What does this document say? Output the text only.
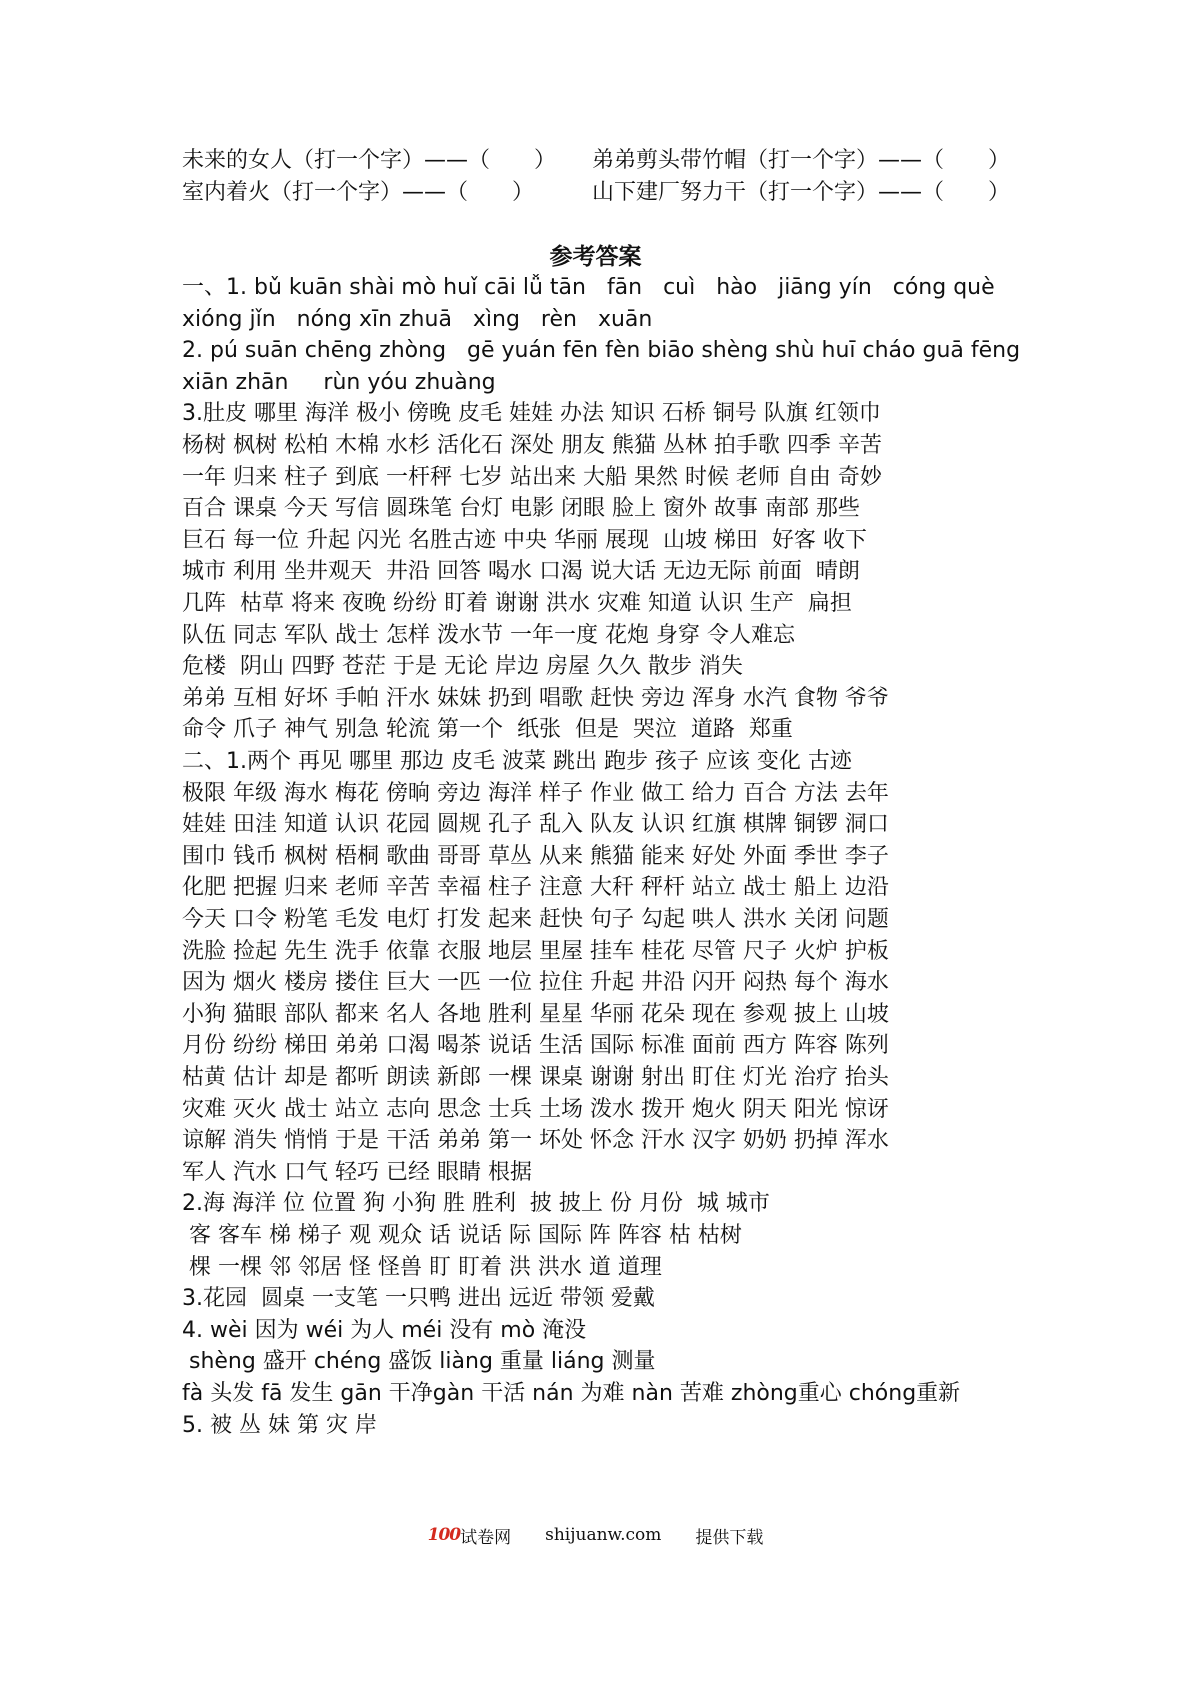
未来的女人（打一个字）——（　　） 弟弟剪头带竹帽（打一个字）——（　　）
室内着火（打一个字）——（　　）	山下建厂努力干（打一个字）——（　　）
参考答案
一、1. bǔ kuān shài mò huǐ cāi lǚ tān   fān   cuì   hào   jiāng yín   cóng què
xióng jǐn   nóng xīn zhuā   xìng   rèn   xuān
2. pú suān chēng zhòng   gē yuán fēn fèn biāo shèng shù huī cháo guā fēng
xiān zhān     rùn yóu zhuàng
3.肚皮 哪里 海洋 极小 傍晚 皮毛 娃娃 办法 知识 石桥 铜号 队旗 红领巾
杨树 枫树 松柏 木棉 水杉 活化石 深处 朋友 熊猫 丛林 拍手歌 四季 辛苦
一年 归来 柱子 到底 一杆秤 七岁 站出来 大船 果然 时候 老师 自由 奇妙
百合 课桌 今天 写信 圆珠笔 台灯 电影 闭眼 脸上 窗外 故事 南部 那些
巨石 每一位 升起 闪光 名胜古迹 中央 华丽 展现  山坡 梯田  好客 收下
城市 利用 坐井观天  井沿 回答 喝水 口渴 说大话 无边无际 前面  晴朗
几阵  枯草 将来 夜晚 纷纷 盯着 谢谢 洪水 灾难 知道 认识 生产  扁担
队伍 同志 军队 战士 怎样 泼水节 一年一度 花炮 身穿 令人难忘
危楼  阴山 四野 苍茫 于是 无论 岸边 房屋 久久 散步 消失
弟弟 互相 好坏 手帕 汗水 妹妹 扔到 唱歌 赶快 旁边 浑身 水汽 食物 爷爷
命令 爪子 神气 别急 轮流 第一个  纸张  但是  哭泣  道路  郑重
二、1.两个 再见 哪里 那边 皮毛 波菜 跳出 跑步 孩子 应该 变化 古迹
极限 年级 海水 梅花 傍晌 旁边 海洋 样子 作业 做工 给力 百合 方法 去年
娃娃 田洼 知道 认识 花园 圆规 孔子 乱入 队友 认识 红旗 棋牌 铜锣 洞口
围巾 钱币 枫树 梧桐 歌曲 哥哥 草丛 从来 熊猫 能来 好处 外面 季世 李子
化肥 把握 归来 老师 辛苦 幸福 柱子 注意 大秆 秤杆 站立 战士 船上 边沿
今天 口令 粉笔 毛发 电灯 打发 起来 赶快 句子 勾起 哄人 洪水 关闭 问题
洗脸 捡起 先生 洗手 依靠 衣服 地层 里屋 挂车 桂花 尽管 尺子 火炉 护板
因为 烟火 楼房 搂住 巨大 一匹 一位 拉住 升起 井沿 闪开 闷热 每个 海水
小狗 猫眼 部队 都来 名人 各地 胜利 星星 华丽 花朵 现在 参观 披上 山坡
月份 纷纷 梯田 弟弟 口渴 喝茶 说话 生活 国际 标准 面前 西方 阵容 陈列
枯黄 估计 却是 都听 朗读 新郎 一棵 课桌 谢谢 射出 盯住 灯光 治疗 抬头
灾难 灭火 战士 站立 志向 思念 士兵 土场 泼水 拨开 炮火 阴天 阳光 惊讶
谅解 消失 悄悄 于是 干活 弟弟 第一 坏处 怀念 汗水 汉字 奶奶 扔掉 浑水
军人 汽水 口气 轻巧 已经 眼睛 根据
2.海 海洋 位 位置 狗 小狗 胜 胜利  披 披上 份 月份  城 城市
客 客车 梯 梯子 观 观众 话 说话 际 国际 阵 阵容 枯 枯树
棵 一棵 邻 邻居 怪 怪兽 盯 盯着 洪 洪水 道 道理
3.花园  圆桌 一支笔 一只鸭 进出 远近 带领 爱戴
4. wèi 因为 wéi 为人 méi 没有 mò 淹没
shèng 盛开 chéng 盛饭 liàng 重量 liáng 测量
fà 头发 fā 发生 gān 干净gàn 干活 nán 为难 nàn 苦难 zhòng重心 chóng重新
5. 被 丛 妹 第 灾 岸
100 试卷网 shijuanw.com 提供下载
